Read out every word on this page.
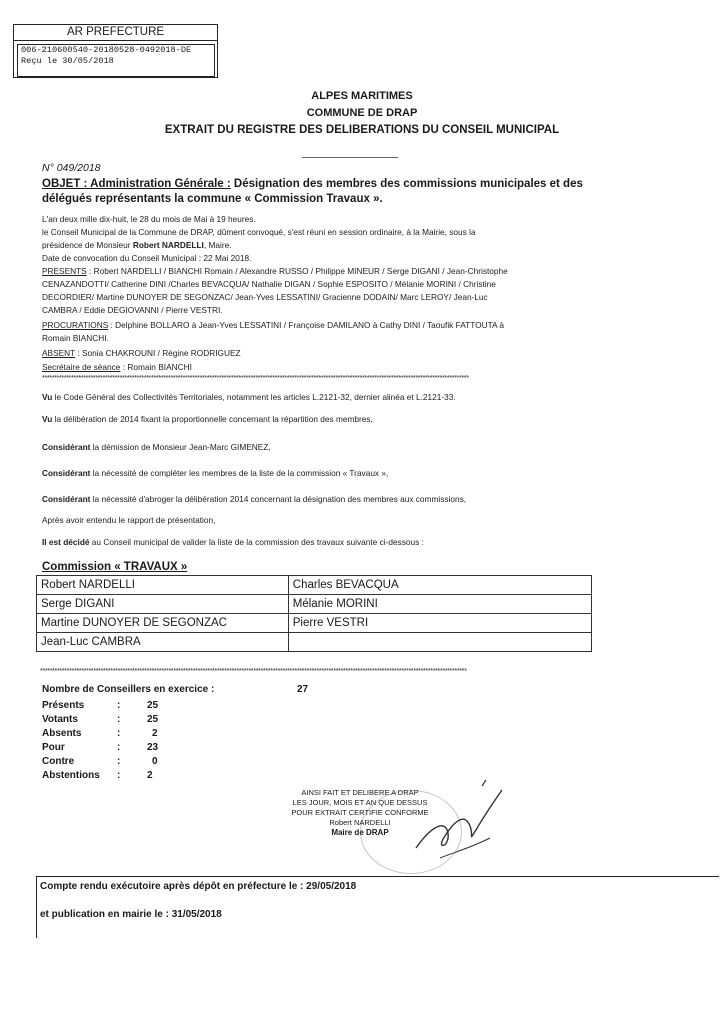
AR PREFECTURE
006-210600540-20180528-0492018-DE
Reçu le 30/05/2018
ALPES MARITIMES
COMMUNE DE DRAP
EXTRAIT DU REGISTRE DES DELIBERATIONS DU CONSEIL MUNICIPAL
N° 049/2018
OBJET : Administration Générale : Désignation des membres des commissions municipales et des
délégués représentants la commune « Commission Travaux ».
L'an deux mille dix-huit, le 28 du mois de Mai à 19 heures.
le Conseil Municipal de la Commune de DRAP, dûment convoqué, s'est réuni en session ordinaire, à la Mairie, sous la
présidence de Monsieur Robert NARDELLI, Maire.
Date de convocation du Conseil Municipal : 22 Mai 2018.
PRESENTS : Robert NARDELLI / BIANCHI Romain / Alexandre RUSSO / Philippe MINEUR / Serge DIGANI / Jean-Christophe
CENAZANDOTTI/ Catherine DINI /Charles BEVACQUA/ Nathalie DIGAN / Sophie ESPOSITO / Mélanie MORINI / Christine
DECORDIER/ Martine DUNOYER DE SEGONZAC/ Jean-Yves LESSATINI/ Gracienne DODAIN/ Marc LEROY/ Jean-Luc
CAMBRA / Eddie DEGIOVANNI / Pierre VESTRI.
PROCURATIONS : Delphine BOLLARO à Jean-Yves LESSATINI / Françoise DAMILANO à Cathy DINI / Taoufik FATTOUTA à
Romain BIANCHI.
ABSENT : Sonia CHAKROUNI / Régine RODRIGUEZ
Secrétaire de séance : Romain BIANCHI
********************************************************************************************************************************************************************************
Vu le Code Général des Collectivités Territoriales, notamment les articles L.2121-32, dernier alinéa et L.2121-33.
Vu la délibération de 2014 fixant la proportionnelle concernant la répartition des membres,
Considérant la démission de Monsieur Jean-Marc GIMENEZ,
Considérant la nécessité de compléter les membres de la liste de la commission « Travaux »,
Considérant la nécessité d'abroger la délibération 2014 concernant la désignation des membres aux commissions,
Après avoir entendu le rapport de présentation,
Il est décidé au Conseil municipal de valider la liste de la commission des travaux suivante ci-dessous :
Commission « TRAVAUX »
Robert NARDELLI	Charles BEVACQUA
Serge DIGANI	Mélanie MORINI
Martine DUNOYER DE SEGONZAC	Pierre VESTRI
Jean-Luc CAMBRA	
********************************************************************************************************************************************************************************
Nombre de Conseillers en exercice :	27
Présents	:	25
Votants	:	25
Absents	:	2
Pour	:	23
Contre	:	0
Abstentions	:	2
AINSI FAIT ET DELIBERE A DRAP
LES JOUR, MOIS ET AN QUE DESSUS
POUR EXTRAIT CERTIFIE CONFORME
Robert NARDELLI
Maire de DRAP
Compte rendu exécutoire après dépôt en préfecture le : 29/05/2018
et publication en mairie le : 31/05/2018
